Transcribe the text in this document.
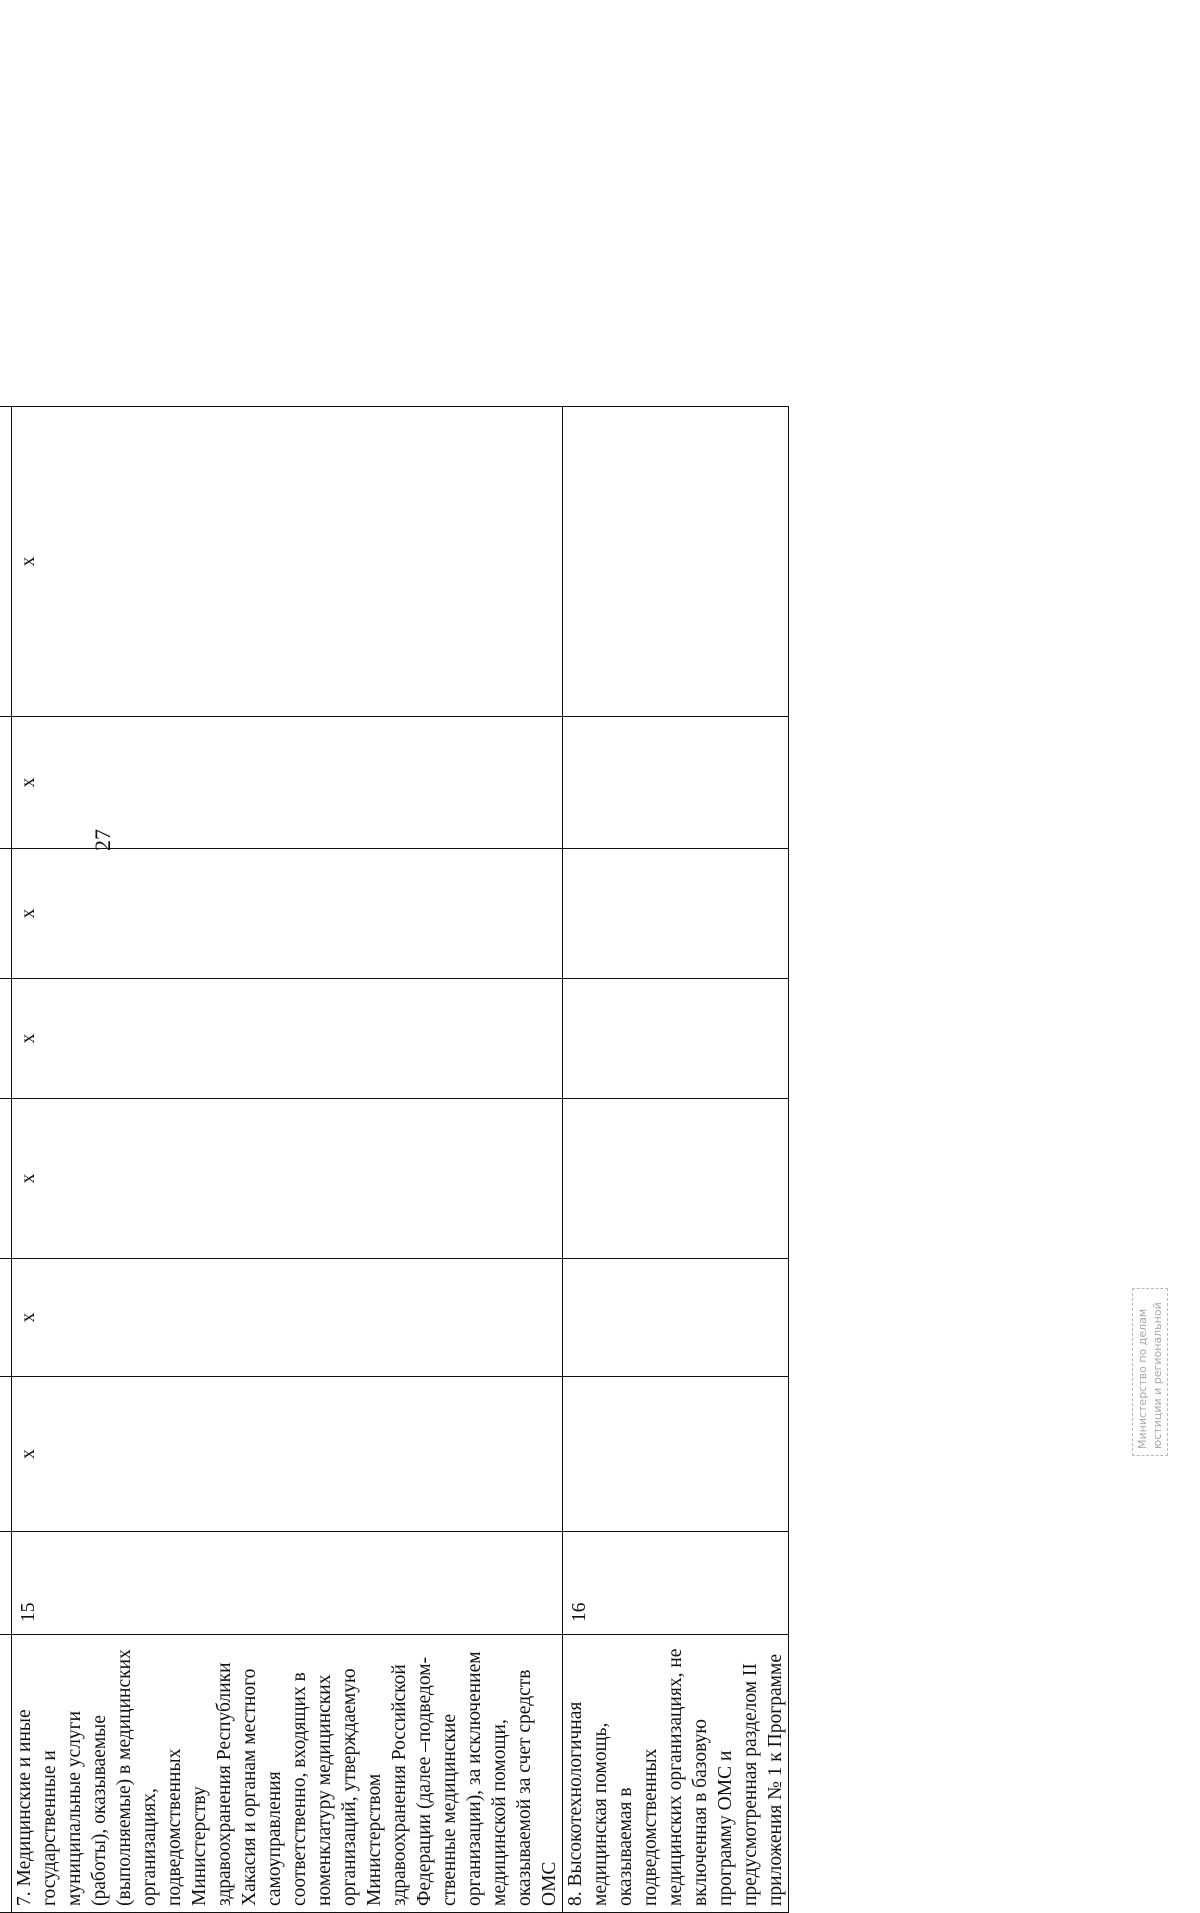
27

7. Медицинские и иные государственные и муниципальные услуги (работы), оказываемые (выполняемые) в медицинских организациях, подведомственных Министерству здравоохранения Республики Хакасия и органам местного самоуправления соответственно, входящих в номенклатуру медицинских организаций, утверждаемую Министерством здравоохранения Российской Федерации (далее –подведом-ственные медицинские организации), за исключением медицинской помощи, оказываемой за счет средств ОМС	15	x	x	x	x	x	x	x
8. Высокотехнологичная медицинская помощь, оказываемая в подведомственных медицинских организациях, не включенная в базовую программу ОМС и предусмотренная разделом II приложения № 1 к Программе	16							
Министерство по делам юстиции и региональной
